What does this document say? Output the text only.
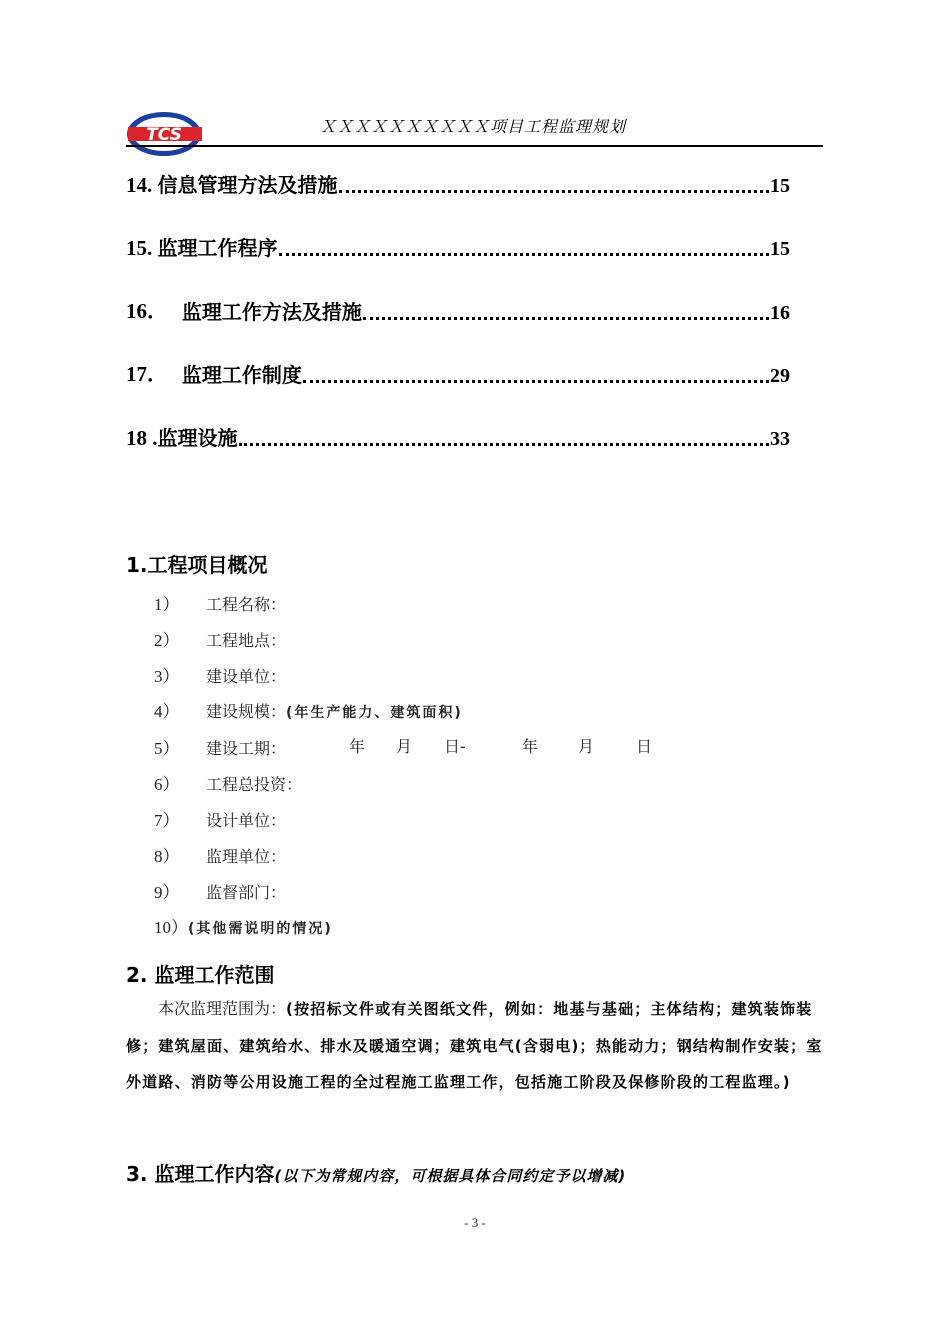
TCS	ＸＸＸＸＸＸＸＸＸＸ项目工程监理规划
14. 信息管理方法及措施	15
15. 监理工作程序	15
16． 监理工作方法及措施	16
17． 监理工作制度	29
18 . 监理设施	33
1.工程项目概况
1） 工程名称：
2） 工程地点：
3） 建设单位：
4） 建设规模：(年生产能力、建筑面积)
5） 建设工期：	年 月 日-	年 月	日
6） 工程总投资：
7） 设计单位：
8） 监理单位：
9） 监督部门：
10）(其他需说明的情况)
2. 监理工作范围
本次监理范围为：(按招标文件或有关图纸文件，例如：地基与基础；主体结构；建筑装饰装修；建筑屋面、建筑给水、排水及暖通空调；建筑电气(含弱电)；热能动力；钢结构制作安装；室外道路、消防等公用设施工程的全过程施工监理工作，包括施工阶段及保修阶段的工程监理。)
3. 监理工作内容(以下为常规内容，可根据具体合同约定予以增减)
- 3 -
